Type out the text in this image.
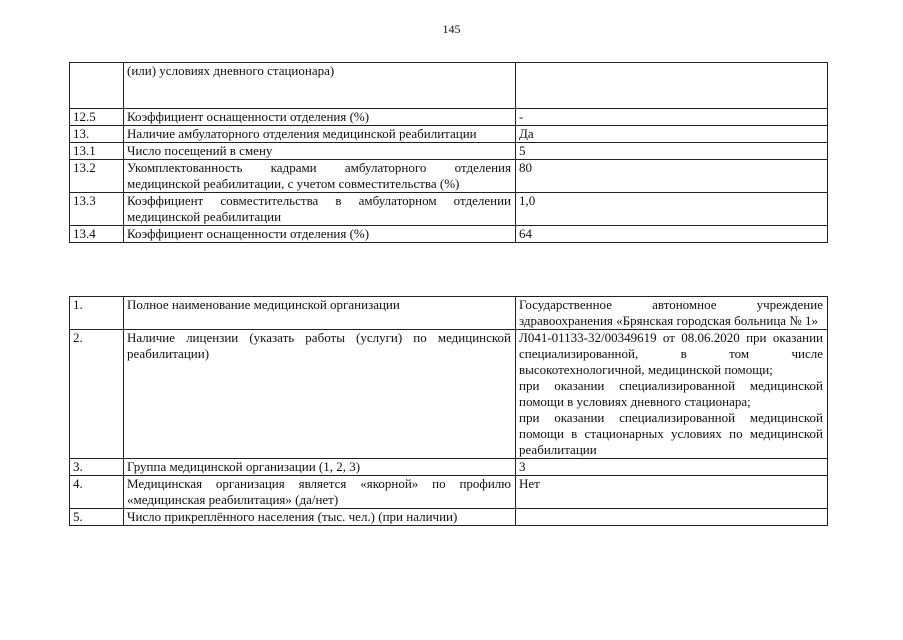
145
	(или) условиях дневного стационара)	
12.5	Коэффициент оснащенности отделения (%)	-
13.	Наличие амбулаторного отделения медицинской реабилитации	Да
13.1	Число посещений в смену	5
13.2	Укомплектованность кадрами амбулаторного отделения медицинской реабилитации, с учетом совместительства (%)	80
13.3	Коэффициент совместительства в амбулаторном отделении медицинской реабилитации	1,0
13.4	Коэффициент оснащенности отделения (%)	64
1.	Полное наименование медицинской организации	Государственное автономное учреждение здравоохранения «Брянская городская больница № 1»
2.	Наличие лицензии (указать работы (услуги) по медицинской реабилитации)	Л041-01133-32/00349619 от 08.06.2020 при оказании специализированной, в том числе высокотехнологичной, медицинской помощи;
при оказании специализированной медицинской помощи в условиях дневного стационара;
при оказании специализированной медицинской помощи в стационарных условиях по медицинской реабилитации

3.	Группа медицинской организации (1, 2, 3)	3
4.	Медицинская организация является «якорной» по профилю «медицинская реабилитация» (да/нет)	Нет
5.	Число прикреплённого населения (тыс. чел.) (при наличии)	
